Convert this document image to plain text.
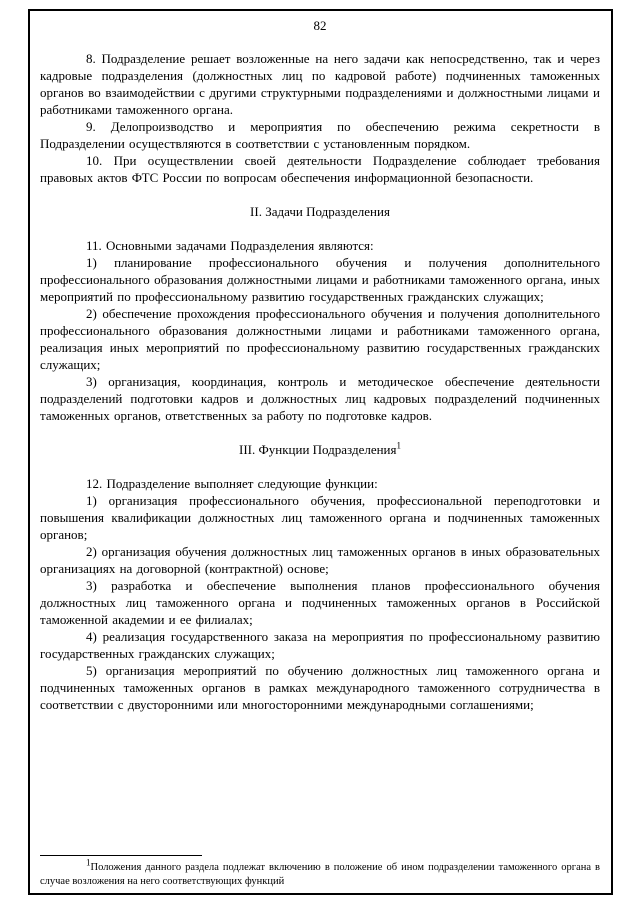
82

8. Подразделение решает возложенные на него задачи как непосредственно, так и через кадровые подразделения (должностных лиц по кадровой работе) подчиненных таможенных органов во взаимодействии с другими структурными подразделениями и должностными лицами и работниками таможенного органа.

9. Делопроизводство и мероприятия по обеспечению режима секретности в Подразделении осуществляются в соответствии с установленным порядком.

10. При осуществлении своей деятельности Подразделение соблюдает требования правовых актов ФТС России по вопросам обеспечения информационной безопасности.

II. Задачи Подразделения

11. Основными задачами Подразделения являются:

1) планирование профессионального обучения и получения дополнительного профессионального образования должностными лицами и работниками таможенного органа, иных мероприятий по профессиональному развитию государственных гражданских служащих;

2) обеспечение прохождения профессионального обучения и получения дополнительного профессионального образования должностными лицами и работниками таможенного органа, реализация иных мероприятий по профессиональному развитию государственных гражданских служащих;

3) организация, координация, контроль и методическое обеспечение деятельности подразделений подготовки кадров и должностных лиц кадровых подразделений подчиненных таможенных органов, ответственных за работу по подготовке кадров.

III. Функции Подразделения$^1$

12. Подразделение выполняет следующие функции:

1) организация профессионального обучения, профессиональной переподготовки и повышения квалификации должностных лиц таможенного органа и подчиненных таможенных органов;

2) организация обучения должностных лиц таможенных органов в иных образовательных организациях на договорной (контрактной) основе;

3) разработка и обеспечение выполнения планов профессионального обучения должностных лиц таможенного органа и подчиненных таможенных органов в Российской таможенной академии и ее филиалах;

4) реализация государственного заказа на мероприятия по профессиональному развитию государственных гражданских служащих;

5) организация мероприятий по обучению должностных лиц таможенного органа и подчиненных таможенных органов в рамках международного таможенного сотрудничества в соответствии с двусторонними или многосторонними международными соглашениями;

$^1$Положения данного раздела подлежат включению в положение об ином подразделении таможенного органа в случае возложения на него соответствующих функций
